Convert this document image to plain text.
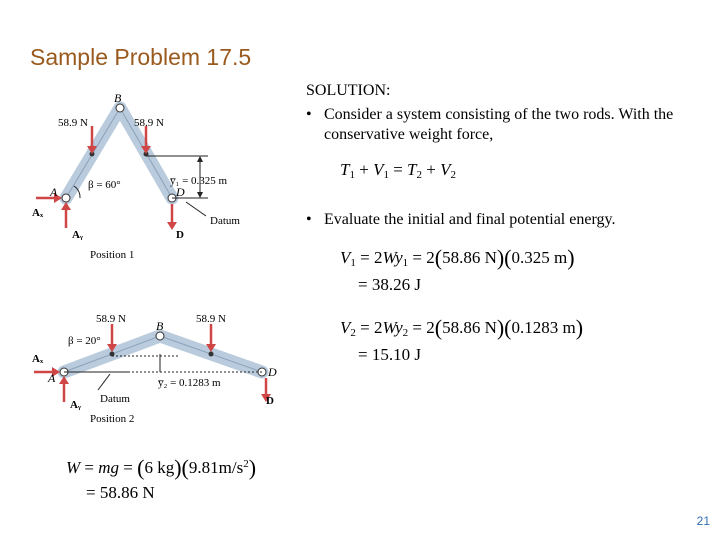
Sample Problem 17.5
B
58.9 N	58.9 N
β = 60°	y̅₁ = 0.325 m
D
A
Aₓ
Aᵧ	D
Datum
Position 1
58.9 N	58.9 N
B
β = 20°
Aₓ
A	D
y̅₂ = 0.1283 m
Aᵧ Datum	D
Position 2
W = mg = (6 $kg)(9.81m/s^2)$
= 58.86 N
SOLUTION:
• Consider a system consisting of the two rods. With the conservative weight force,
$T_1 + V_1 = T_2 + V_2$
• Evaluate the initial and final potential energy.
$V_1 = 2Wy_1 = 2(58.86$ N)(0.325 m)
= 38.26 J
$V_2 = 2Wy_2 = 2(58.86$ N)(0.1283 m)
= 15.10 J
21
